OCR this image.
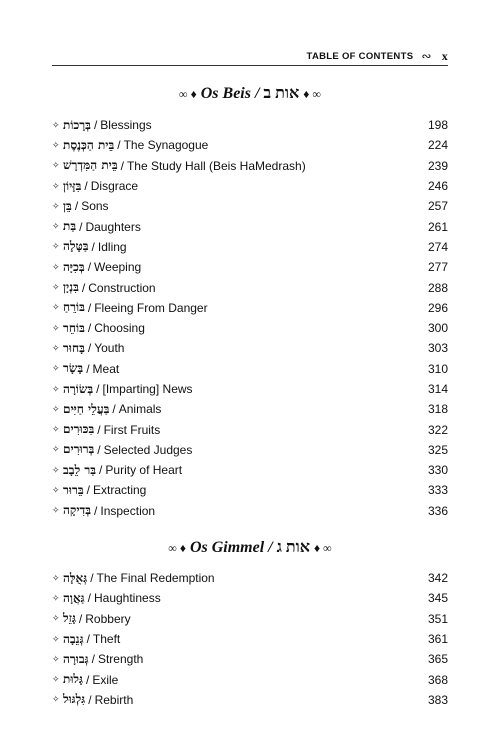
TABLE OF CONTENTS ∾ x
∞ ♦ Os Beis / אות ב ♦ ∞
✧ בְּרָכוֹת / Blessings	198
✧ בֵּית הַכְּנֶסֶת / The Synagogue	224
✧ בֵּית הַמִּדְרָשׁ / The Study Hall (Beis HaMedrash)	239
✧ בִּזָּיוֹן / Disgrace	246
✧ בֵּן / Sons	257
✧ בַּת / Daughters	261
✧ בַּטָּלָה / Idling	274
✧ בְּכִיָּה / Weeping	277
✧ בִּנְיָן / Construction	288
✧ בּוֹרֵחַ / Fleeing From Danger	296
✧ בּוֹחֵר / Choosing	300
✧ בָּחוּר / Youth	303
✧ בָּשָׂר / Meat	310
✧ בְּשׂוֹרָה / [Imparting] News	314
✧ בַּעֲלֵי חַיִּים / Animals	318
✧ בִּכּוּרִים / First Fruits	322
✧ בְּרוּרִים / Selected Judges	325
✧ בַּר לֵבָב / Purity of Heart	330
✧ בֵּרוּר / Extracting	333
✧ בְּדִיקָה / Inspection	336
∞ ♦ Os Gimmel / אות ג ♦ ∞
✧ גְּאֻלָּה / The Final Redemption	342
✧ גַּאֲוָה / Haughtiness	345
✧ גָּזֵל / Robbery	351
✧ גְּנֵבָה / Theft	361
✧ גְּבוּרָה / Strength	365
✧ גָּלוּת / Exile	368
✧ גִּלְגּוּל / Rebirth	383
